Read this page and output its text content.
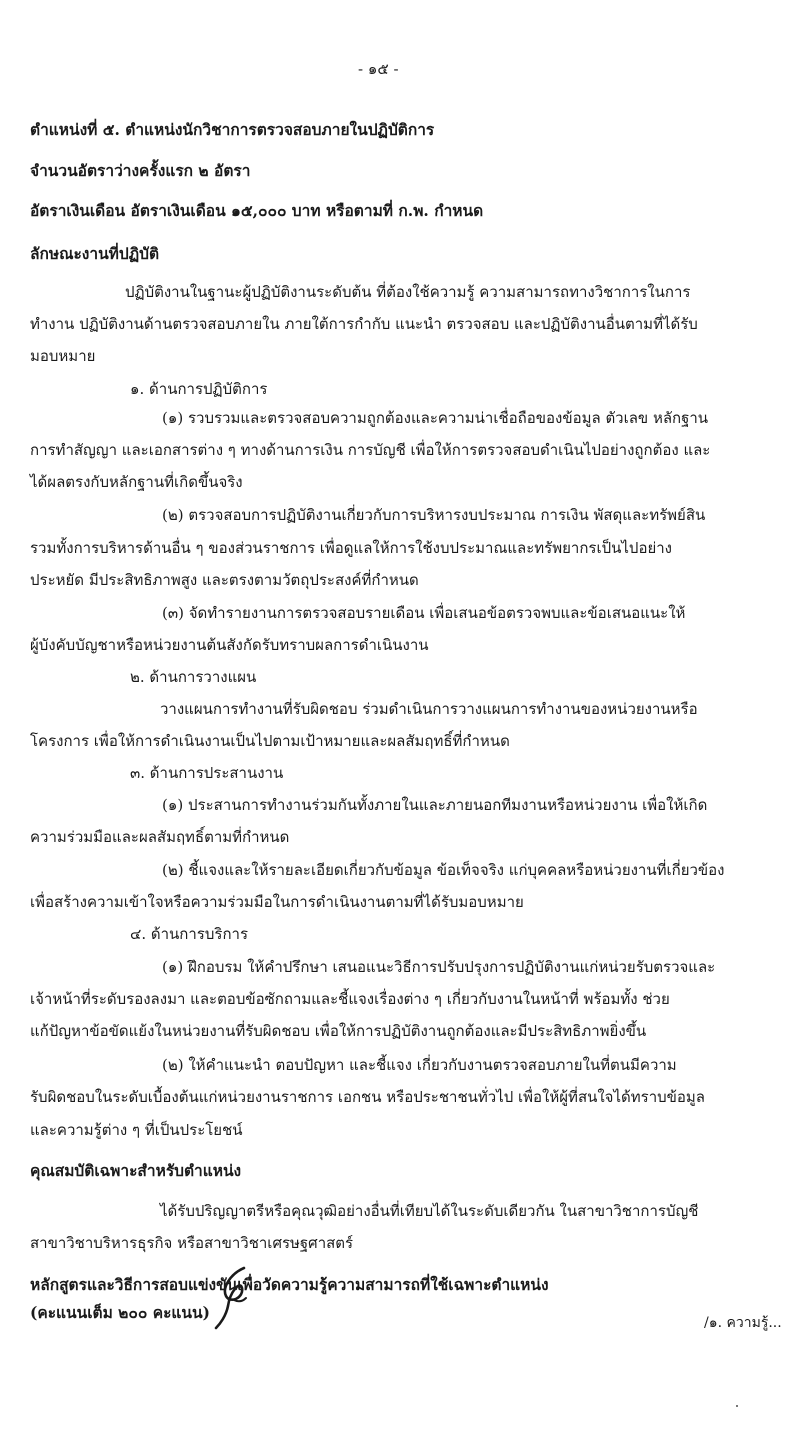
- ๑๕ -
ตำแหน่งที่ ๕. ตำแหน่งนักวิชาการตรวจสอบภายในปฏิบัติการ
จำนวนอัตราว่างครั้งแรก ๒ อัตรา
อัตราเงินเดือน อัตราเงินเดือน ๑๕,๐๐๐ บาท หรือตามที่ ก.พ. กำหนด
ลักษณะงานที่ปฏิบัติ
ปฏิบัติงานในฐานะผู้ปฏิบัติงานระดับต้น ที่ต้องใช้ความรู้ ความสามารถทางวิชาการในการ
ทำงาน ปฏิบัติงานด้านตรวจสอบภายใน ภายใต้การกำกับ แนะนำ ตรวจสอบ และปฏิบัติงานอื่นตามที่ได้รับ
มอบหมาย
๑. ด้านการปฏิบัติการ
(๑) รวบรวมและตรวจสอบความถูกต้องและความน่าเชื่อถือของข้อมูล ตัวเลข หลักฐาน
การทำสัญญา และเอกสารต่าง ๆ ทางด้านการเงิน การบัญชี เพื่อให้การตรวจสอบดำเนินไปอย่างถูกต้อง และ
ได้ผลตรงกับหลักฐานที่เกิดขึ้นจริง
(๒) ตรวจสอบการปฏิบัติงานเกี่ยวกับการบริหารงบประมาณ การเงิน พัสดุและทรัพย์สิน
รวมทั้งการบริหารด้านอื่น ๆ ของส่วนราชการ เพื่อดูแลให้การใช้งบประมาณและทรัพยากรเป็นไปอย่าง
ประหยัด มีประสิทธิภาพสูง และตรงตามวัตถุประสงค์ที่กำหนด
(๓) จัดทำรายงานการตรวจสอบรายเดือน เพื่อเสนอข้อตรวจพบและข้อเสนอแนะให้
ผู้บังคับบัญชาหรือหน่วยงานต้นสังกัดรับทราบผลการดำเนินงาน
๒. ด้านการวางแผน
วางแผนการทำงานที่รับผิดชอบ ร่วมดำเนินการวางแผนการทำงานของหน่วยงานหรือ
โครงการ เพื่อให้การดำเนินงานเป็นไปตามเป้าหมายและผลสัมฤทธิ์ที่กำหนด
๓. ด้านการประสานงาน
(๑) ประสานการทำงานร่วมกันทั้งภายในและภายนอกทีมงานหรือหน่วยงาน เพื่อให้เกิด
ความร่วมมือและผลสัมฤทธิ์ตามที่กำหนด
(๒) ชี้แจงและให้รายละเอียดเกี่ยวกับข้อมูล ข้อเท็จจริง แก่บุคคลหรือหน่วยงานที่เกี่ยวข้อง
เพื่อสร้างความเข้าใจหรือความร่วมมือในการดำเนินงานตามที่ได้รับมอบหมาย
๔. ด้านการบริการ
(๑) ฝึกอบรม ให้คำปรึกษา เสนอแนะวิธีการปรับปรุงการปฏิบัติงานแก่หน่วยรับตรวจและ
เจ้าหน้าที่ระดับรองลงมา และตอบข้อซักถามและชี้แจงเรื่องต่าง ๆ เกี่ยวกับงานในหน้าที่ พร้อมทั้ง ช่วย
แก้ปัญหาข้อขัดแย้งในหน่วยงานที่รับผิดชอบ เพื่อให้การปฏิบัติงานถูกต้องและมีประสิทธิภาพยิ่งขึ้น
(๒) ให้คำแนะนำ ตอบปัญหา และชี้แจง เกี่ยวกับงานตรวจสอบภายในที่ตนมีความ
รับผิดชอบในระดับเบื้องต้นแก่หน่วยงานราชการ เอกชน หรือประชาชนทั่วไป เพื่อให้ผู้ที่สนใจได้ทราบข้อมูล
และความรู้ต่าง ๆ ที่เป็นประโยชน์
คุณสมบัติเฉพาะสำหรับตำแหน่ง
ได้รับปริญญาตรีหรือคุณวุฒิอย่างอื่นที่เทียบได้ในระดับเดียวกัน ในสาขาวิชาการบัญชี
สาขาวิชาบริหารธุรกิจ หรือสาขาวิชาเศรษฐศาสตร์
หลักสูตรและวิธีการสอบแข่งขันเพื่อวัดความรู้ความสามารถที่ใช้เฉพาะตำแหน่ง
(คะแนนเต็ม ๒๐๐ คะแนน)
/๑. ความรู้...
